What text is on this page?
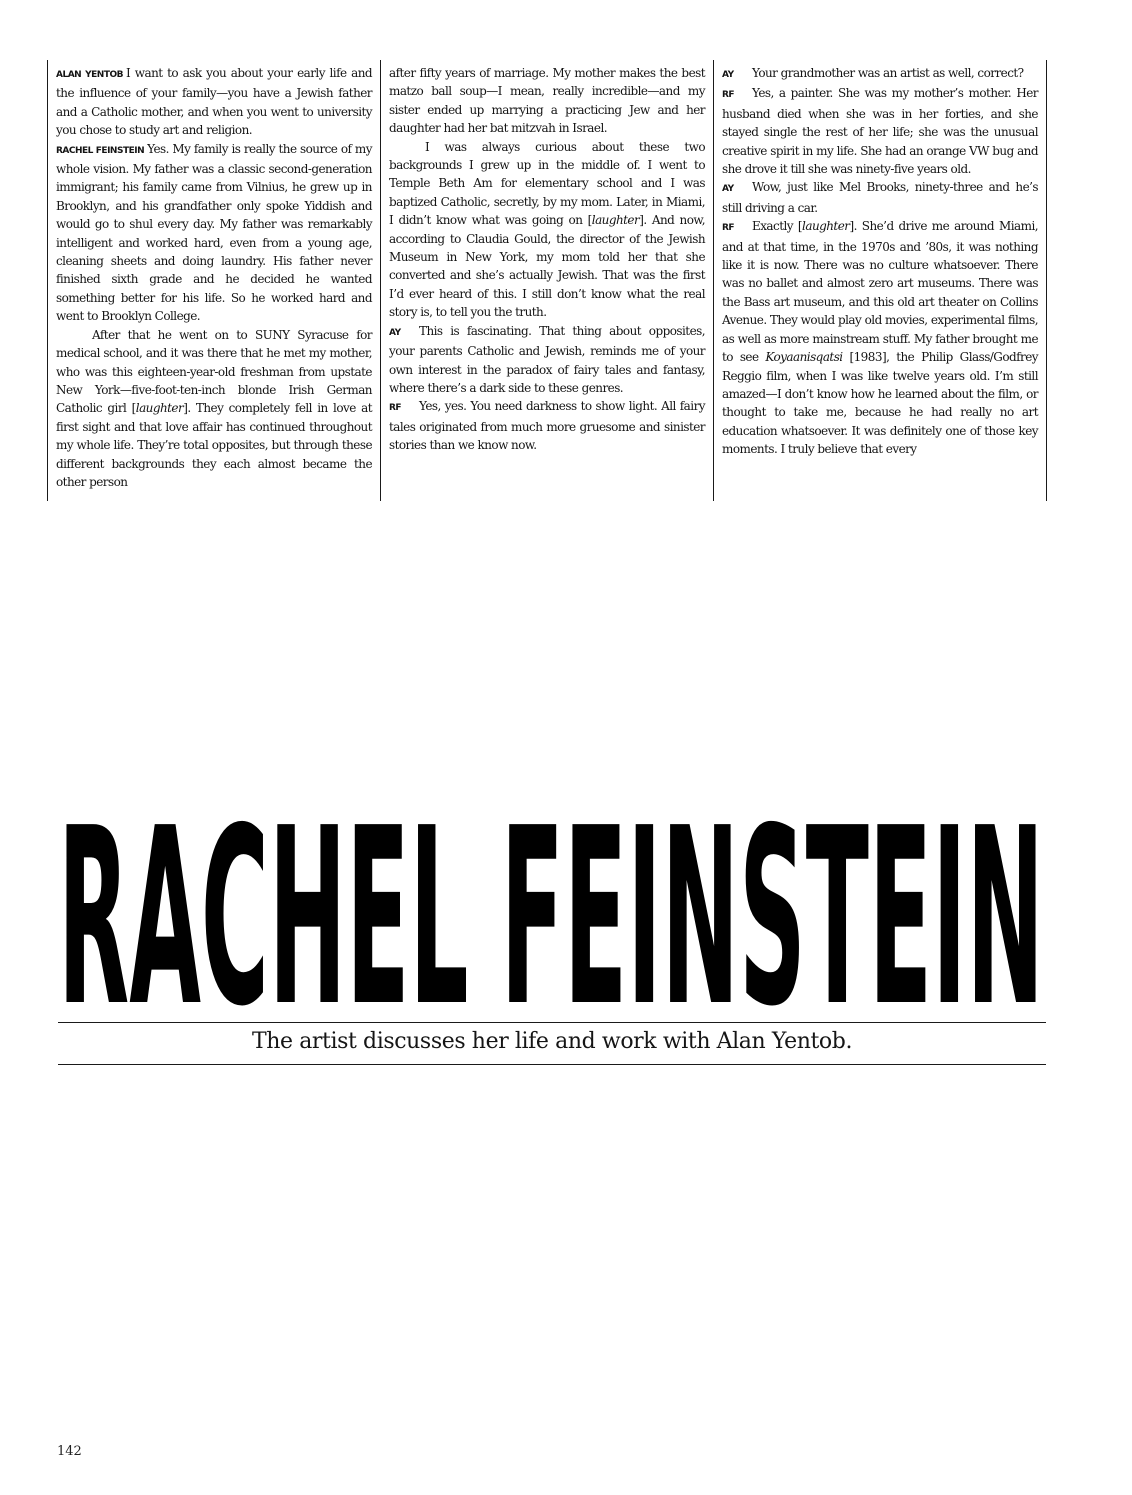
ALAN YENTOB I want to ask you about your early life and the influence of your family—you have a Jewish father and a Catholic mother, and when you went to university you chose to study art and religion.

RACHEL FEINSTEIN Yes. My family is really the source of my whole vision. My father was a classic second-generation immigrant; his family came from Vilnius, he grew up in Brooklyn, and his grandfather only spoke Yiddish and would go to shul every day. My father was remarkably intelligent and worked hard, even from a young age, cleaning sheets and doing laundry. His father never finished sixth grade and he decided he wanted something better for his life. So he worked hard and went to Brooklyn College.

After that he went on to SUNY Syracuse for medical school, and it was there that he met my mother, who was this eighteen-year-old freshman from upstate New York—five-foot-ten-inch blonde Irish German Catholic girl [laughter]. They completely fell in love at first sight and that love affair has continued throughout my whole life. They’re total opposites, but through these different backgrounds they each almost became the other person

after fifty years of marriage. My mother makes the best matzo ball soup—I mean, really incredible—and my sister ended up marrying a practicing Jew and her daughter had her bat mitzvah in Israel.

I was always curious about these two backgrounds I grew up in the middle of. I went to Temple Beth Am for elementary school and I was baptized Catholic, secretly, by my mom. Later, in Miami, I didn’t know what was going on [laughter]. And now, according to Claudia Gould, the director of the Jewish Museum in New York, my mom told her that she converted and she’s actually Jewish. That was the first I’d ever heard of this. I still don’t know what the real story is, to tell you the truth.

AY This is fascinating. That thing about opposites, your parents Catholic and Jewish, reminds me of your own interest in the paradox of fairy tales and fantasy, where there’s a dark side to these genres.

RF Yes, yes. You need darkness to show light. All fairy tales originated from much more gruesome and sinister stories than we know now.

AY Your grandmother was an artist as well, correct?

RF Yes, a painter. She was my mother’s mother. Her husband died when she was in her forties, and she stayed single the rest of her life; she was the unusual creative spirit in my life. She had an orange VW bug and she drove it till she was ninety-five years old.

AY Wow, just like Mel Brooks, ninety-three and he’s still driving a car.

RF Exactly [laughter]. She’d drive me around Miami, and at that time, in the 1970s and ’80s, it was nothing like it is now. There was no culture whatsoever. There was no ballet and almost zero art museums. There was the Bass art museum, and this old art theater on Collins Avenue. They would play old movies, experimental films, as well as more mainstream stuff. My father brought me to see Koyaanisqatsi [1983], the Philip Glass/Godfrey Reggio film, when I was like twelve years old. I’m still amazed—I don’t know how he learned about the film, or thought to take me, because he had really no art education whatsoever. It was definitely one of those key moments. I truly believe that every

RACHEL FEINSTEIN
The artist discusses her life and work with Alan Yentob.
142
